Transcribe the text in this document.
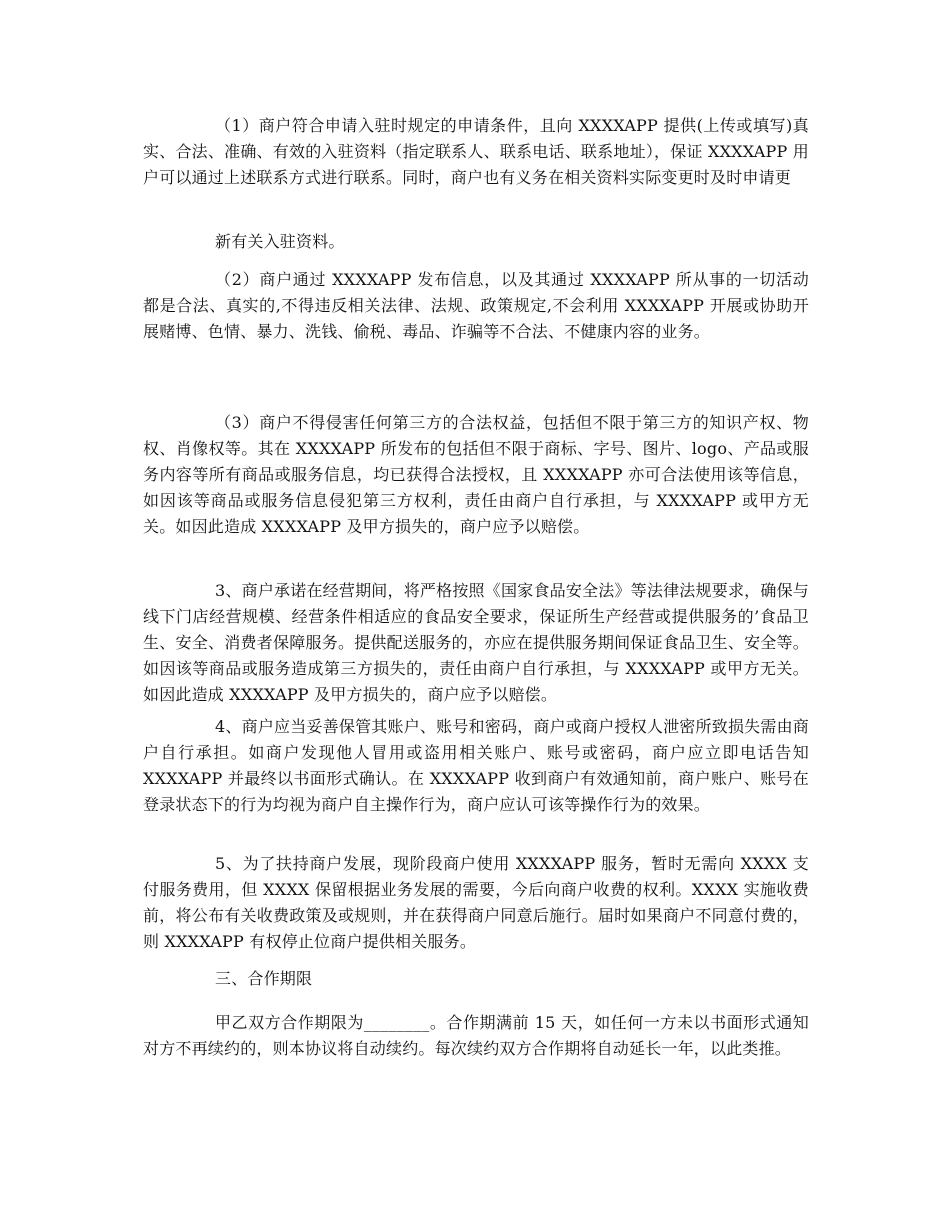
（1）商户符合申请入驻时规定的申请条件，且向 XXXXAPP 提供(上传或填写)真实、合法、准确、有效的入驻资料（指定联系人、联系电话、联系地址），保证 XXXXAPP 用户可以通过上述联系方式进行联系。同时，商户也有义务在相关资料实际变更时及时申请更

新有关入驻资料。

（2）商户通过 XXXXAPP 发布信息，以及其通过 XXXXAPP 所从事的一切活动都是合法、真实的,不得违反相关法律、法规、政策规定,不会利用 XXXXAPP 开展或协助开展赌博、色情、暴力、洗钱、偷税、毒品、诈骗等不合法、不健康内容的业务。

（3）商户不得侵害任何第三方的合法权益，包括但不限于第三方的知识产权、物权、肖像权等。其在 XXXXAPP 所发布的包括但不限于商标、字号、图片、logo、产品或服务内容等所有商品或服务信息，均已获得合法授权，且 XXXXAPP 亦可合法使用该等信息，如因该等商品或服务信息侵犯第三方权利，责任由商户自行承担，与 XXXXAPP 或甲方无关。如因此造成 XXXXAPP 及甲方损失的，商户应予以赔偿。

3、商户承诺在经营期间，将严格按照《国家食品安全法》等法律法规要求，确保与线下门店经营规模、经营条件相适应的食品安全要求，保证所生产经营或提供服务的’食品卫生、安全、消费者保障服务。提供配送服务的，亦应在提供服务期间保证食品卫生、安全等。如因该等商品或服务造成第三方损失的，责任由商户自行承担，与 XXXXAPP 或甲方无关。如因此造成 XXXXAPP 及甲方损失的，商户应予以赔偿。

4、商户应当妥善保管其账户、账号和密码，商户或商户授权人泄密所致损失需由商户自行承担。如商户发现他人冒用或盗用相关账户、账号或密码，商户应立即电话告知 XXXXAPP 并最终以书面形式确认。在 XXXXAPP 收到商户有效通知前，商户账户、账号在登录状态下的行为均视为商户自主操作行为，商户应认可该等操作行为的效果。

5、为了扶持商户发展，现阶段商户使用 XXXXAPP 服务，暂时无需向 XXXX 支付服务费用，但 XXXX 保留根据业务发展的需要，今后向商户收费的权利。XXXX 实施收费前，将公布有关收费政策及或规则，并在获得商户同意后施行。届时如果商户不同意付费的，则 XXXXAPP 有权停止位商户提供相关服务。

三、合作期限

甲乙双方合作期限为________。合作期满前 15 天，如任何一方未以书面形式通知对方不再续约的，则本协议将自动续约。每次续约双方合作期将自动延长一年，以此类推。
